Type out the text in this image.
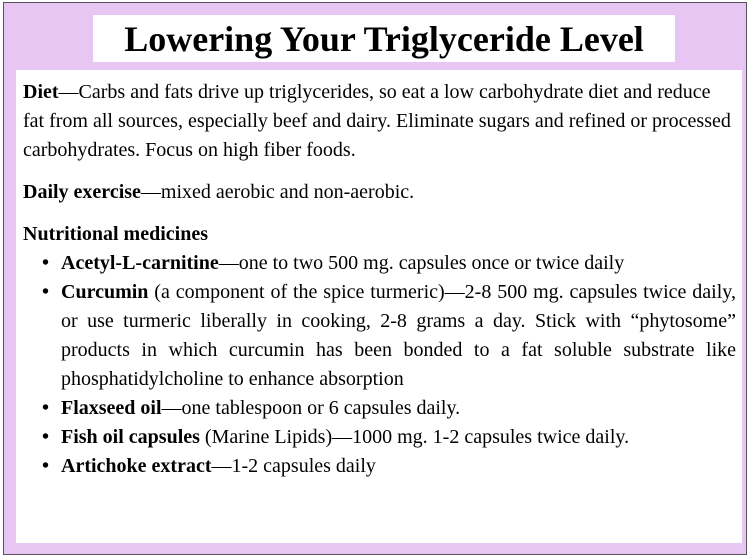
Lowering Your Triglyceride Level

Diet—Carbs and fats drive up triglycerides, so eat a low carbohydrate diet and reduce fat from all sources, especially beef and dairy. Eliminate sugars and refined or processed carbohydrates. Focus on high fiber foods.

Daily exercise—mixed aerobic and non-aerobic.

Nutritional medicines

• Acetyl-L-carnitine—one to two 500 mg. capsules once or twice daily
• Curcumin (a component of the spice turmeric)—2-8 500 mg. capsules twice daily, or use turmeric liberally in cooking, 2-8 grams a day. Stick with “phytosome” products in which curcumin has been bonded to a fat soluble substrate like phosphatidylcholine to enhance absorption
• Flaxseed oil—one tablespoon or 6 capsules daily.
• Fish oil capsules (Marine Lipids)—1000 mg. 1-2 capsules twice daily.
• Artichoke extract—1-2 capsules daily
